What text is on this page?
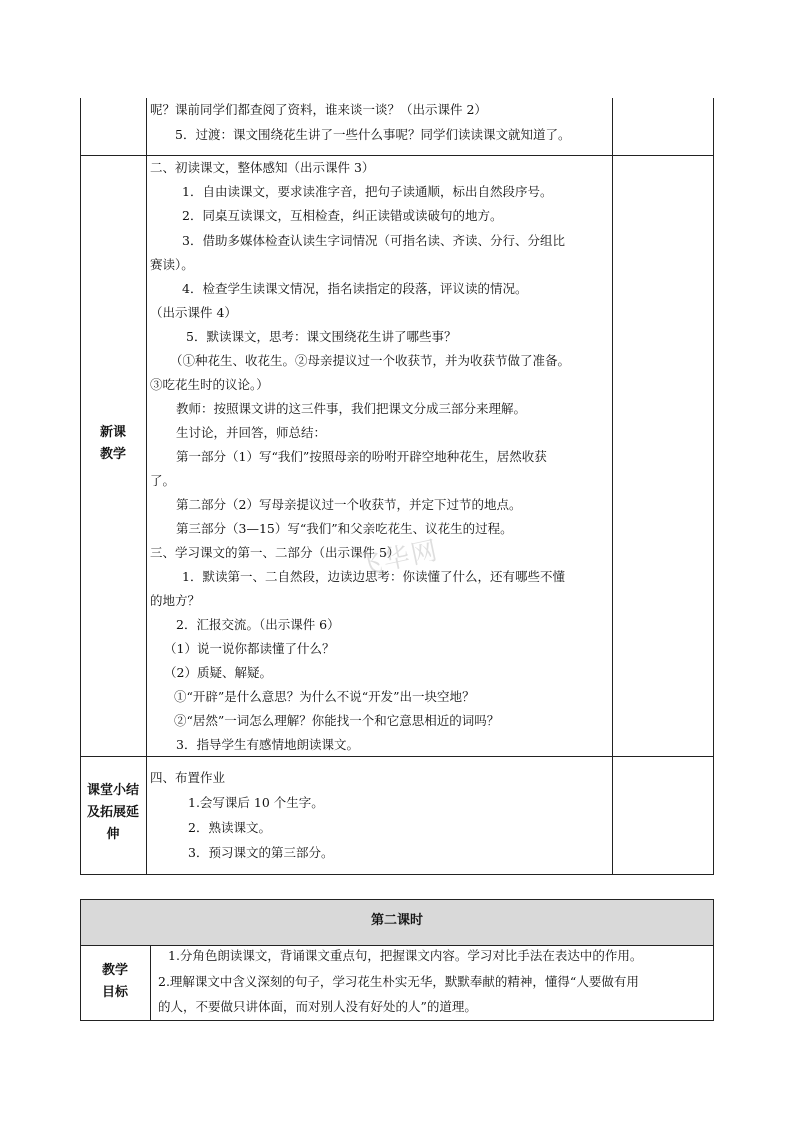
呢？课前同学们都查阅了资料，谁来谈一谈？（出示课件 2）
5．过渡：课文围绕花生讲了一些什么事呢？同学们读读课文就知道了。
新课
教学
二、初读课文，整体感知（出示课件 3）
1．自由读课文，要求读准字音，把句子读通顺，标出自然段序号。
2．同桌互读课文，互相检查，纠正读错或读破句的地方。
3．借助多媒体检查认读生字词情况（可指名读、齐读、分行、分组比
赛读）。
4．检查学生读课文情况，指名读指定的段落，评议读的情况。
（出示课件 4）
5．默读课文，思考：课文围绕花生讲了哪些事？
（①种花生、收花生。②母亲提议过一个收获节，并为收获节做了准备。
③吃花生时的议论。）
教师：按照课文讲的这三件事，我们把课文分成三部分来理解。
生讨论，并回答，师总结：
第一部分（1）写“我们”按照母亲的吩咐开辟空地种花生，居然收获
了。
第二部分（2）写母亲提议过一个收获节，并定下过节的地点。
第三部分（3—15）写“我们”和父亲吃花生、议花生的过程。
三、学习课文的第一、二部分（出示课件 5）
1．默读第一、二自然段，边读边思考：你读懂了什么，还有哪些不懂
的地方？
2．汇报交流。（出示课件 6）
（1）说一说你都读懂了什么？
（2）质疑、解疑。
①“开辟”是什么意思？为什么不说“开发”出一块空地？
②“居然”一词怎么理解？你能找一个和它意思相近的词吗？
3．指导学生有感情地朗读课文。
课堂小结
及拓展延
伸
四、布置作业
1.会写课后 10 个生字。
2．熟读课文。
3．预习课文的第三部分。
飞华网
第二课时
教学
目标
1.分角色朗读课文，背诵课文重点句，把握课文内容。学习对比手法在表达中的作用。
2.理解课文中含义深刻的句子，学习花生朴实无华，默默奉献的精神，懂得“人要做有用
的人，不要做只讲体面，而对别人没有好处的人”的道理。
